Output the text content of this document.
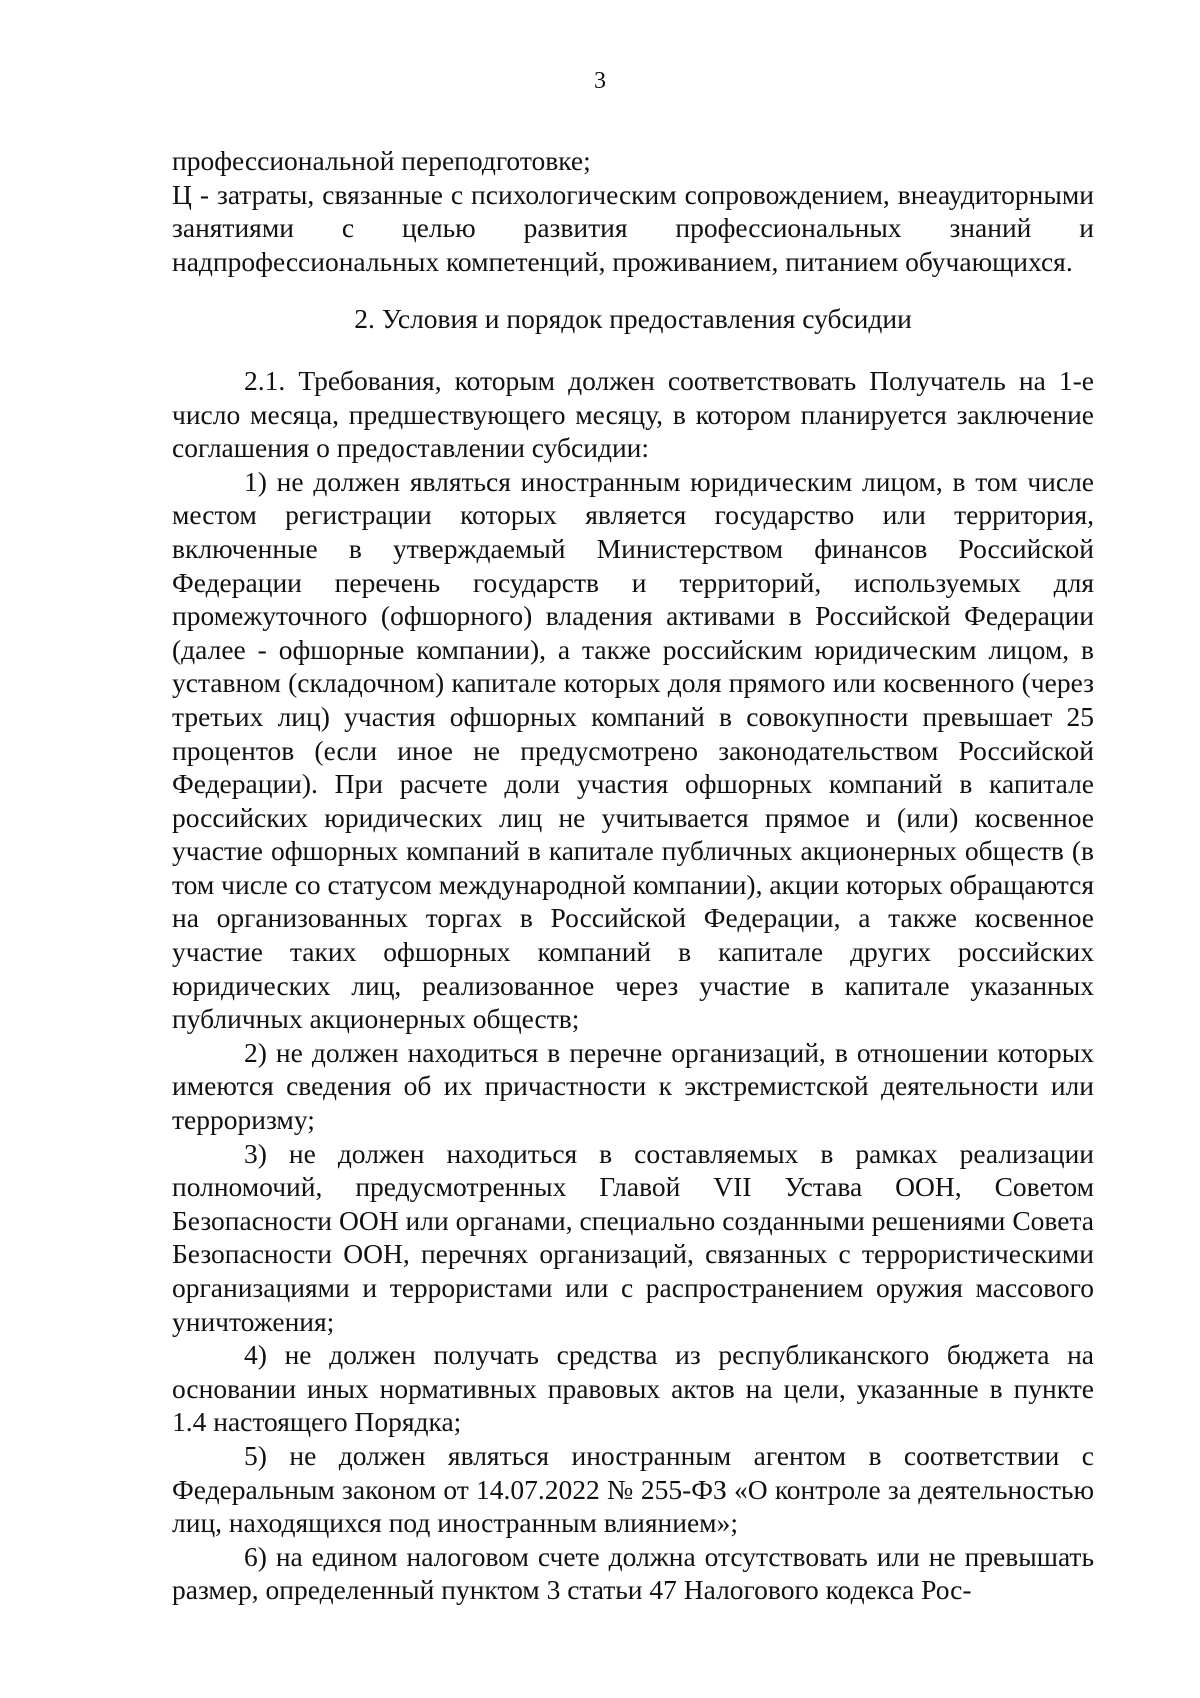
3

профессиональной переподготовке;

Ц - затраты, связанные с психологическим сопровождением, внеаудиторными занятиями с целью развития профессиональных знаний и надпрофессиональных компетенций, проживанием, питанием обучающихся.

2. Условия и порядок предоставления субсидии

2.1. Требования, которым должен соответствовать Получатель на 1-е число месяца, предшествующего месяцу, в котором планируется заключение соглашения о предоставлении субсидии:

1) не должен являться иностранным юридическим лицом, в том числе местом регистрации которых является государство или территория, включенные в утверждаемый Министерством финансов Российской Федерации перечень государств и территорий, используемых для промежуточного (офшорного) владения активами в Российской Федерации (далее - офшорные компании), а также российским юридическим лицом, в уставном (складочном) капитале которых доля прямого или косвенного (через третьих лиц) участия офшорных компаний в совокупности превышает 25 процентов (если иное не предусмотрено законодательством Российской Федерации). При расчете доли участия офшорных компаний в капитале российских юридических лиц не учитывается прямое и (или) косвенное участие офшорных компаний в капитале публичных акционерных обществ (в том числе со статусом международной компании), акции которых обращаются на организованных торгах в Российской Федерации, а также косвенное участие таких офшорных компаний в капитале других российских юридических лиц, реализованное через участие в капитале указанных публичных акционерных обществ;

2) не должен находиться в перечне организаций, в отношении которых имеются сведения об их причастности к экстремистской деятельности или терроризму;

3) не должен находиться в составляемых в рамках реализации полномочий, предусмотренных Главой VII Устава ООН, Советом Безопасности ООН или органами, специально созданными решениями Совета Безопасности ООН, перечнях организаций, связанных с террористическими организациями и террористами или с распространением оружия массового уничтожения;

4) не должен получать средства из республиканского бюджета на основании иных нормативных правовых актов на цели, указанные в пункте 1.4 настоящего Порядка;

5) не должен являться иностранным агентом в соответствии с Федеральным законом от 14.07.2022 № 255-ФЗ «О контроле за деятельностью лиц, находящихся под иностранным влиянием»;

6) на едином налоговом счете должна отсутствовать или не превышать размер, определенный пунктом 3 статьи 47 Налогового кодекса Рос-
